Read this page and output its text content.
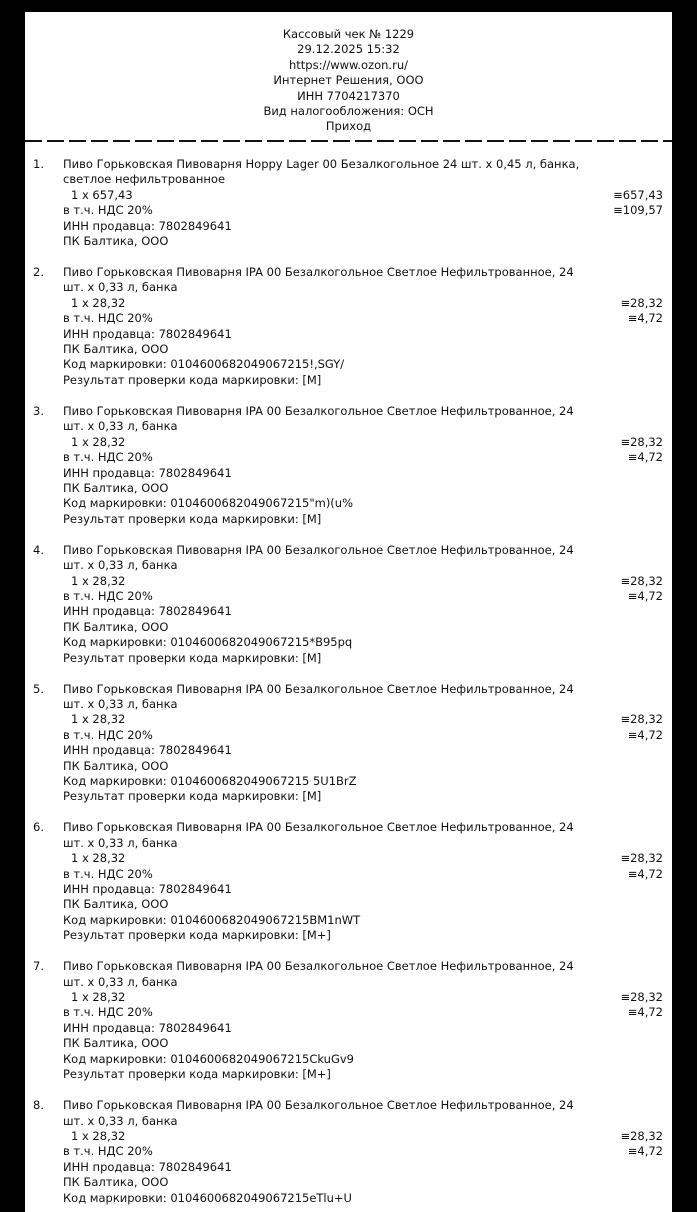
Кассовый чек № 1229
29.12.2025 15:32
https://www.ozon.ru/
Интернет Решения, ООО
ИНН 7704217370
Вид налогообложения: ОСН
Приход
1. Пиво Горьковская Пивоварня Hoppy Lager 00 Безалкогольное 24 шт. х 0,45 л, банка, светлое нефильтрованное
1 х 657,43	≡657,43
в т.ч. НДС 20%	≡109,57
ИНН продавца: 7802849641
ПК Балтика, ООО
2. Пиво Горьковская Пивоварня IPA 00 Безалкогольное Светлое Нефильтрованное, 24 шт. х 0,33 л, банка
1 х 28,32	≡28,32
в т.ч. НДС 20%	≡4,72
ИНН продавца: 7802849641
ПК Балтика, ООО
Код маркировки: 0104600682049067215!,SGY/
Результат проверки кода маркировки: [M]
3. Пиво Горьковская Пивоварня IPA 00 Безалкогольное Светлое Нефильтрованное, 24 шт. х 0,33 л, банка
1 х 28,32	≡28,32
в т.ч. НДС 20%	≡4,72
ИНН продавца: 7802849641
ПК Балтика, ООО
Код маркировки: 0104600682049067215"m)(u%
Результат проверки кода маркировки: [M]
4. Пиво Горьковская Пивоварня IPA 00 Безалкогольное Светлое Нефильтрованное, 24 шт. х 0,33 л, банка
1 х 28,32	≡28,32
в т.ч. НДС 20%	≡4,72
ИНН продавца: 7802849641
ПК Балтика, ООО
Код маркировки: 0104600682049067215*B95pq
Результат проверки кода маркировки: [M]
5. Пиво Горьковская Пивоварня IPA 00 Безалкогольное Светлое Нефильтрованное, 24 шт. х 0,33 л, банка
1 х 28,32	≡28,32
в т.ч. НДС 20%	≡4,72
ИНН продавца: 7802849641
ПК Балтика, ООО
Код маркировки: 0104600682049067215 5U1BrZ
Результат проверки кода маркировки: [M]
6. Пиво Горьковская Пивоварня IPA 00 Безалкогольное Светлое Нефильтрованное, 24 шт. х 0,33 л, банка
1 х 28,32	≡28,32
в т.ч. НДС 20%	≡4,72
ИНН продавца: 7802849641
ПК Балтика, ООО
Код маркировки: 0104600682049067215BM1nWT
Результат проверки кода маркировки: [M+]
7. Пиво Горьковская Пивоварня IPA 00 Безалкогольное Светлое Нефильтрованное, 24 шт. х 0,33 л, банка
1 х 28,32	≡28,32
в т.ч. НДС 20%	≡4,72
ИНН продавца: 7802849641
ПК Балтика, ООО
Код маркировки: 0104600682049067215CkuGv9
Результат проверки кода маркировки: [M+]
8. Пиво Горьковская Пивоварня IPA 00 Безалкогольное Светлое Нефильтрованное, 24 шт. х 0,33 л, банка
1 х 28,32	≡28,32
в т.ч. НДС 20%	≡4,72
ИНН продавца: 7802849641
ПК Балтика, ООО
Код маркировки: 0104600682049067215eTlu+U
